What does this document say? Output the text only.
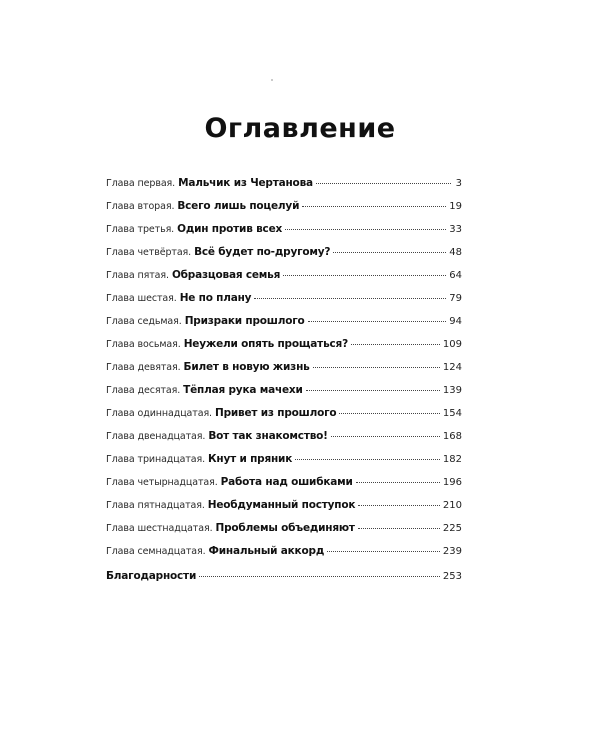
Оглавление
Глава первая. Мальчик из Чертанова	3
Глава вторая. Всего лишь поцелуй	19
Глава третья. Один против всех	33
Глава четвёртая. Всё будет по-другому?	48
Глава пятая. Образцовая семья	64
Глава шестая. Не по плану	79
Глава седьмая. Призраки прошлого	94
Глава восьмая. Неужели опять прощаться?	109
Глава девятая. Билет в новую жизнь	124
Глава десятая. Тёплая рука мачехи	139
Глава одиннадцатая. Привет из прошлого	154
Глава двенадцатая. Вот так знакомство!	168
Глава тринадцатая. Кнут и пряник	182
Глава четырнадцатая. Работа над ошибками	196
Глава пятнадцатая. Необдуманный поступок	210
Глава шестнадцатая. Проблемы объединяют	225
Глава семнадцатая. Финальный аккорд	239
Благодарности	253
